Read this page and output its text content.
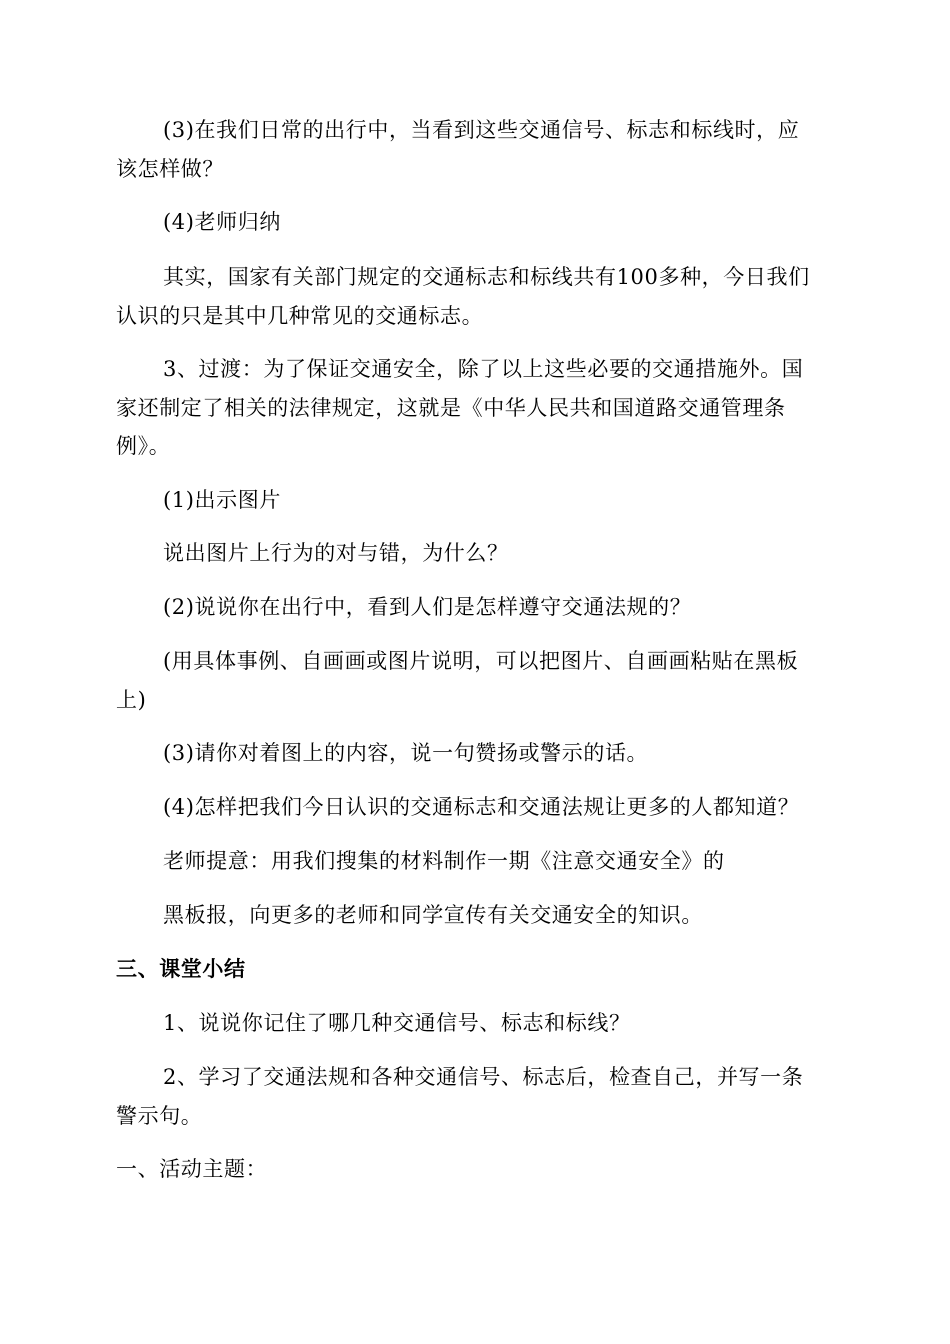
(3)在我们日常的出行中，当看到这些交通信号、标志和标线时，应
该怎样做？
(4)老师归纳
其实，国家有关部门规定的交通标志和标线共有100多种，今日我们
认识的只是其中几种常见的交通标志。
3、过渡：为了保证交通安全，除了以上这些必要的交通措施外。国
家还制定了相关的法律规定，这就是《中华人民共和国道路交通管理条
例》。
(1)出示图片
说出图片上行为的对与错，为什么？
(2)说说你在出行中，看到人们是怎样遵守交通法规的？
(用具体事例、自画画或图片说明，可以把图片、自画画粘贴在黑板
上)
(3)请你对着图上的内容，说一句赞扬或警示的话。
(4)怎样把我们今日认识的交通标志和交通法规让更多的人都知道？
老师提意：用我们搜集的材料制作一期《注意交通安全》的
黑板报，向更多的老师和同学宣传有关交通安全的知识。
三、课堂小结
1、说说你记住了哪几种交通信号、标志和标线？
2、学习了交通法规和各种交通信号、标志后，检查自己，并写一条
警示句。
一、活动主题：
